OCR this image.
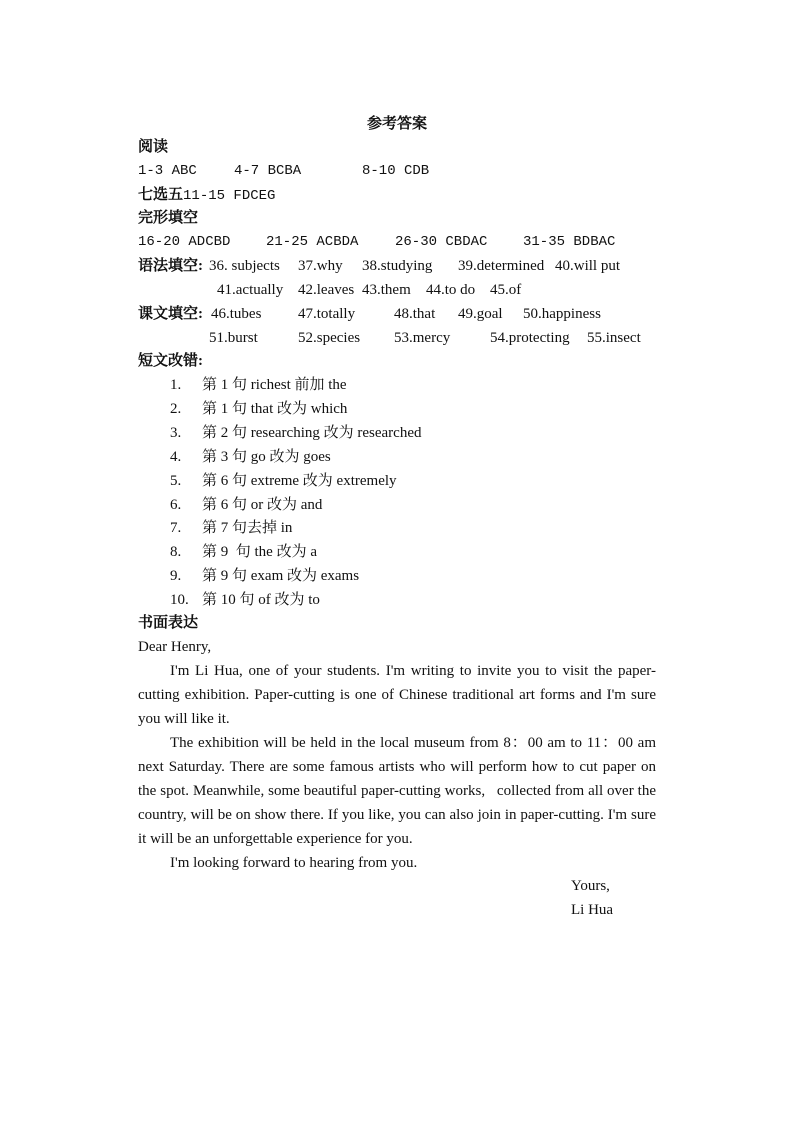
参考答案
阅读
1-3 ABC	4-7 BCBA	8-10 CDB
七选五11-15 FDCEG
完形填空
16-20 ADCBD	21-25 ACBDA	26-30 CBDAC	31-35 BDBAC
语法填空: 36. subjects 37.why 38.studying 39.determined 40.will put
41.actually 42.leaves 43.them 44.to do 45.of
课文填空: 46.tubes 47.totally	48.that 49.goal 50.happiness
51.burst	52.species 53.mercy	54.protecting 55.insect
短文改错:
1. 第 1 句 richest 前加 the
2. 第 1 句 that 改为 which
3. 第 2 句 researching 改为 researched
4. 第 3 句 go 改为 goes
5. 第 6 句 extreme 改为 extremely
6. 第 6 句 or 改为 and
7. 第 7 句去掉 in
8. 第 9  句 the 改为 a
9. 第 9 句 exam 改为 exams
10. 第 10 句 of 改为 to
书面表达
Dear Henry,
I'm Li Hua, one of your students. I'm writing to invite you to visit the paper-cutting exhibition. Paper-cutting is one of Chinese traditional art forms and I'm sure you will like it.
The exhibition will be held in the local museum from 8：00 am to 11：00 am next Saturday. There are some famous artists who will perform how to cut paper on the spot. Meanwhile, some beautiful paper-cutting works,   collected from all over the country, will be on show there. If you like, you can also join in paper-cutting. I'm sure it will be an unforgettable experience for you.
I'm looking forward to hearing from you.
Yours,
Li Hua
